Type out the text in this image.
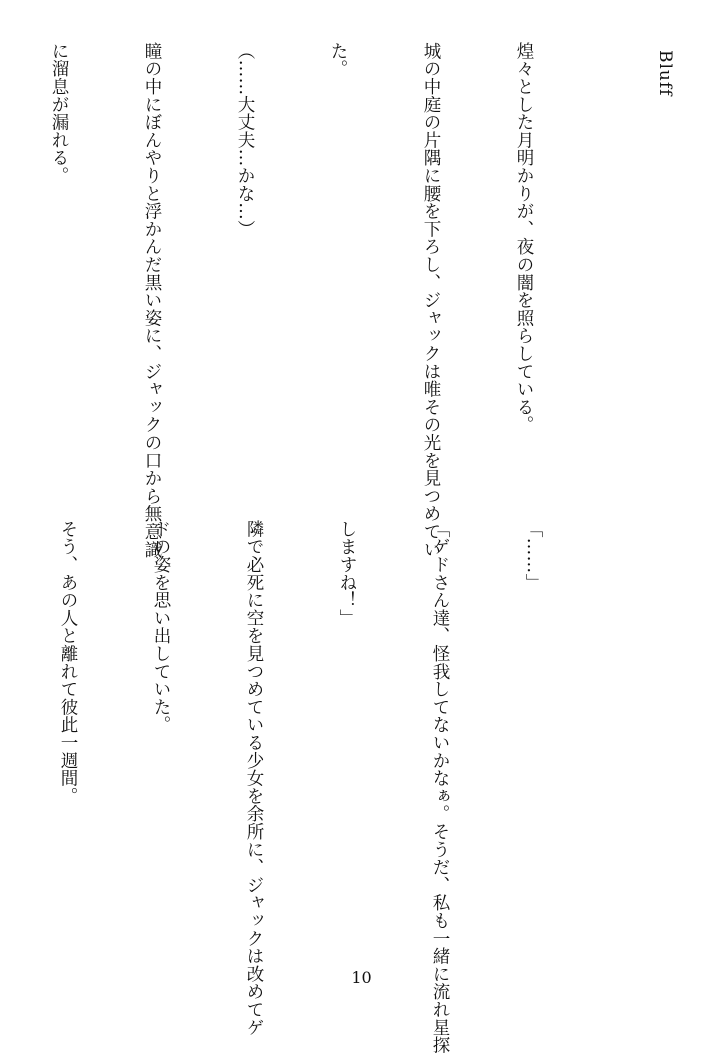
Bluff

煌々とした月明かりが、夜の闇を照らしている。

城の中庭の片隅に腰を下ろし、ジャックは唯その光を見つめてい

た。

（……大丈夫…かな…）

瞳の中にぼんやりと浮かんだ黒い姿に、ジャックの口から無意識

に溜息が漏れる。

「……」

「ゲドさん達、怪我してないかなぁ。そうだ、私も一緒に流れ星探

しますね！」

隣で必死に空を見つめている少女を余所に、ジャックは改めてゲ

ドの姿を思い出していた。

そう、あの人と離れて彼此一週間。

10
